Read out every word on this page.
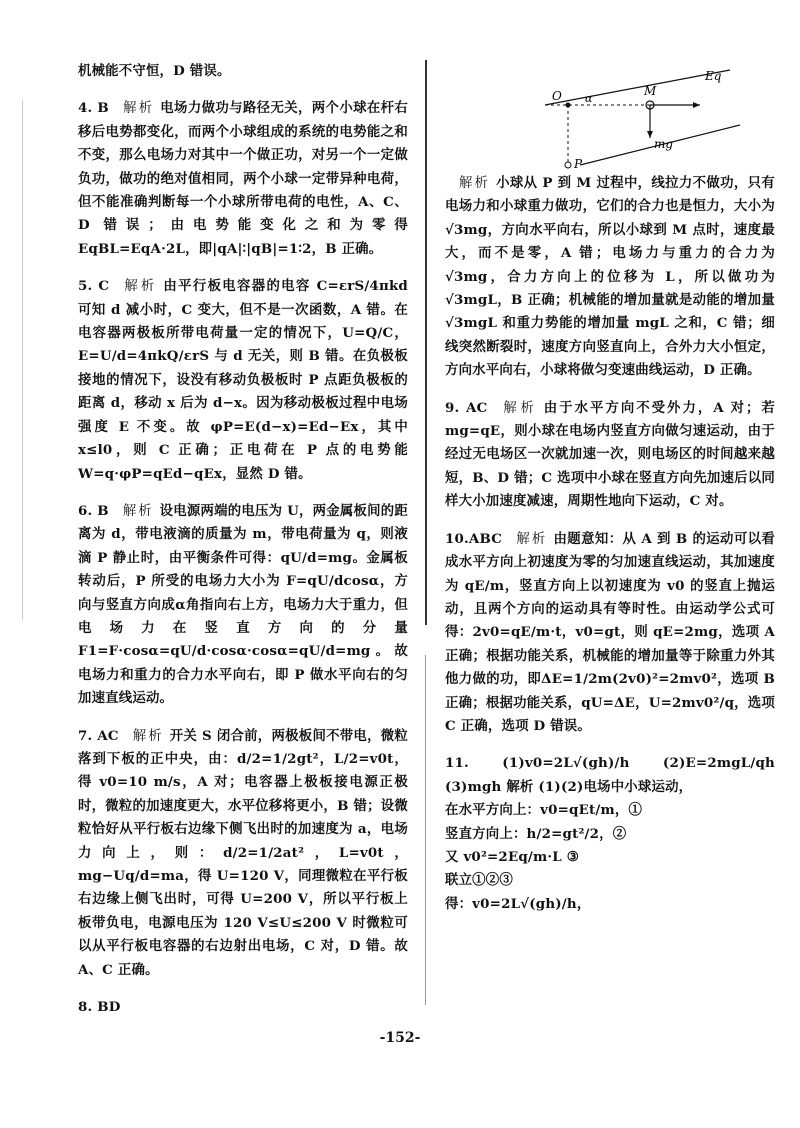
O α
M
Eq
mg
P

机械能不守恒，D 错误。

4. B 解析 电场力做功与路径无关，两个小球在杆右移后电势都变化，而两个小球组成的系统的电势能之和不变，那么电场力对其中一个做正功，对另一个一定做负功，做功的绝对值相同，两个小球一定带异种电荷，但不能准确判断每一个小球所带电荷的电性，A、C、D 错误；由电势能变化之和为零得 EqBL=EqA·2L，即|qA|∶|qB|=1∶2，B 正确。

5. C 解析 由平行板电容器的电容 C=εrS/4πkd 可知 d 减小时，C 变大，但不是一次函数，A 错。在电容器两极板所带电荷量一定的情况下，U=Q/C，E=U/d=4πkQ/εrS 与 d 无关，则 B 错。在负极板接地的情况下，设没有移动负极板时 P 点距负极板的距离 d，移动 x 后为 d−x。因为移动极板过程中电场强度 E 不变。故 φP=E(d−x)=Ed−Ex，其中 x≤l0，则 C 正确；正电荷在 P 点的电势能 W=q·φP=qEd−qEx，显然 D 错。

6. B 解析 设电源两端的电压为 U，两金属板间的距离为 d，带电液滴的质量为 m，带电荷量为 q，则液滴 P 静止时，由平衡条件可得：qU/d=mg。金属板转动后，P 所受的电场力大小为 F=qU/dcosα，方向与竖直方向成α角指向右上方，电场力大于重力，但电场力在竖直方向的分量 F1=F·cosα=qU/d·cosα·cosα=qU/d=mg。故电场力和重力的合力水平向右，即 P 做水平向右的匀加速直线运动。

7. AC 解析 开关 S 闭合前，两极板间不带电，微粒落到下板的正中央，由：d/2=1/2gt²，L/2=v0t，得 v0=10 m/s，A 对；电容器上极板接电源正极时，微粒的加速度更大，水平位移将更小，B 错；设微粒恰好从平行板右边缘下侧飞出时的加速度为 a，电场力向上，则：d/2=1/2at²，L=v0t，mg−Uq/d=ma，得 U=120 V，同理微粒在平行板右边缘上侧飞出时，可得 U=200 V，所以平行板上板带负电，电源电压为 120 V≤U≤200 V 时微粒可以从平行板电容器的右边射出电场，C 对，D 错。故 A、C 正确。

8. BD

解析 小球从 P 到 M 过程中，线拉力不做功，只有电场力和小球重力做功，它们的合力也是恒力，大小为 √3mg，方向水平向右，所以小球到 M 点时，速度最大，而不是零，A 错；电场力与重力的合力为 √3mg，合力方向上的位移为 L，所以做功为 √3mgL，B 正确；机械能的增加量就是动能的增加量 √3mgL 和重力势能的增加量 mgL 之和，C 错；细线突然断裂时，速度方向竖直向上，合外力大小恒定，方向水平向右，小球将做匀变速曲线运动，D 正确。

9. AC 解析 由于水平方向不受外力，A 对；若 mg=qE，则小球在电场内竖直方向做匀速运动，由于经过无电场区一次就加速一次，则电场区的时间越来越短，B、D 错；C 选项中小球在竖直方向先加速后以同样大小加速度减速，周期性地向下运动，C 对。

10.ABC 解析 由题意知：从 A 到 B 的运动可以看成水平方向上初速度为零的匀加速直线运动，其加速度为 qE/m，竖直方向上以初速度为 v0 的竖直上抛运动，且两个方向的运动具有等时性。由运动学公式可得：2v0=qE/m·t，v0=gt，则 qE=2mg，选项 A 正确；根据功能关系，机械能的增加量等于除重力外其他力做的功，即ΔE=1/2m(2v0)²=2mv0²，选项 B 正确；根据功能关系，qU=ΔE，U=2mv0²/q，选项 C 正确，选项 D 错误。

11. (1)v0=2L√(gh)/h (2)E=2mgL/qh (3)mgh 解析 (1)(2)电场中小球运动，

在水平方向上：v0=qEt/m，①

竖直方向上：h/2=gt²/2，②

又 v0²=2Eq/m·L ③

联立①②③

得：v0=2L√(gh)/h，

-152-
